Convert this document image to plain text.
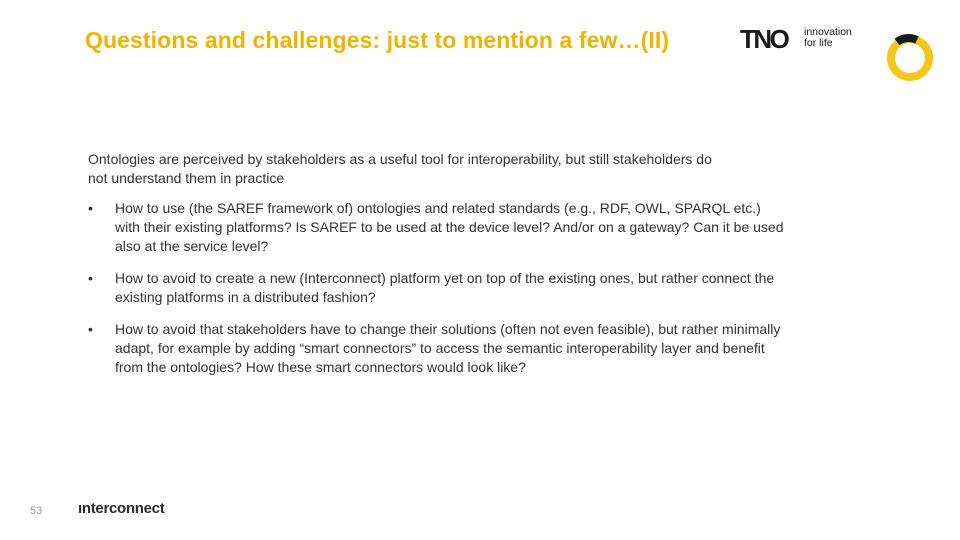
Questions and challenges: just to mention a few…(II)	TNO	innovation
for life

Ontologies are perceived by stakeholders as a useful tool for interoperability, but still stakeholders do not understand them in practice

• How to use (the SAREF framework of) ontologies and related standards (e.g., RDF, OWL, SPARQL etc.) with their existing platforms? Is SAREF to be used at the device level? And/or on a gateway? Can it be used also at the service level?
• How to avoid to create a new (Interconnect) platform yet on top of the existing ones, but rather connect the existing platforms in a distributed fashion?
• How to avoid that stakeholders have to change their solutions (often not even feasible), but rather minimally adapt, for example by adding “smart connectors” to access the semantic interoperability layer and benefit from the ontologies? How these smart connectors would look like?
53 ınterconnect
